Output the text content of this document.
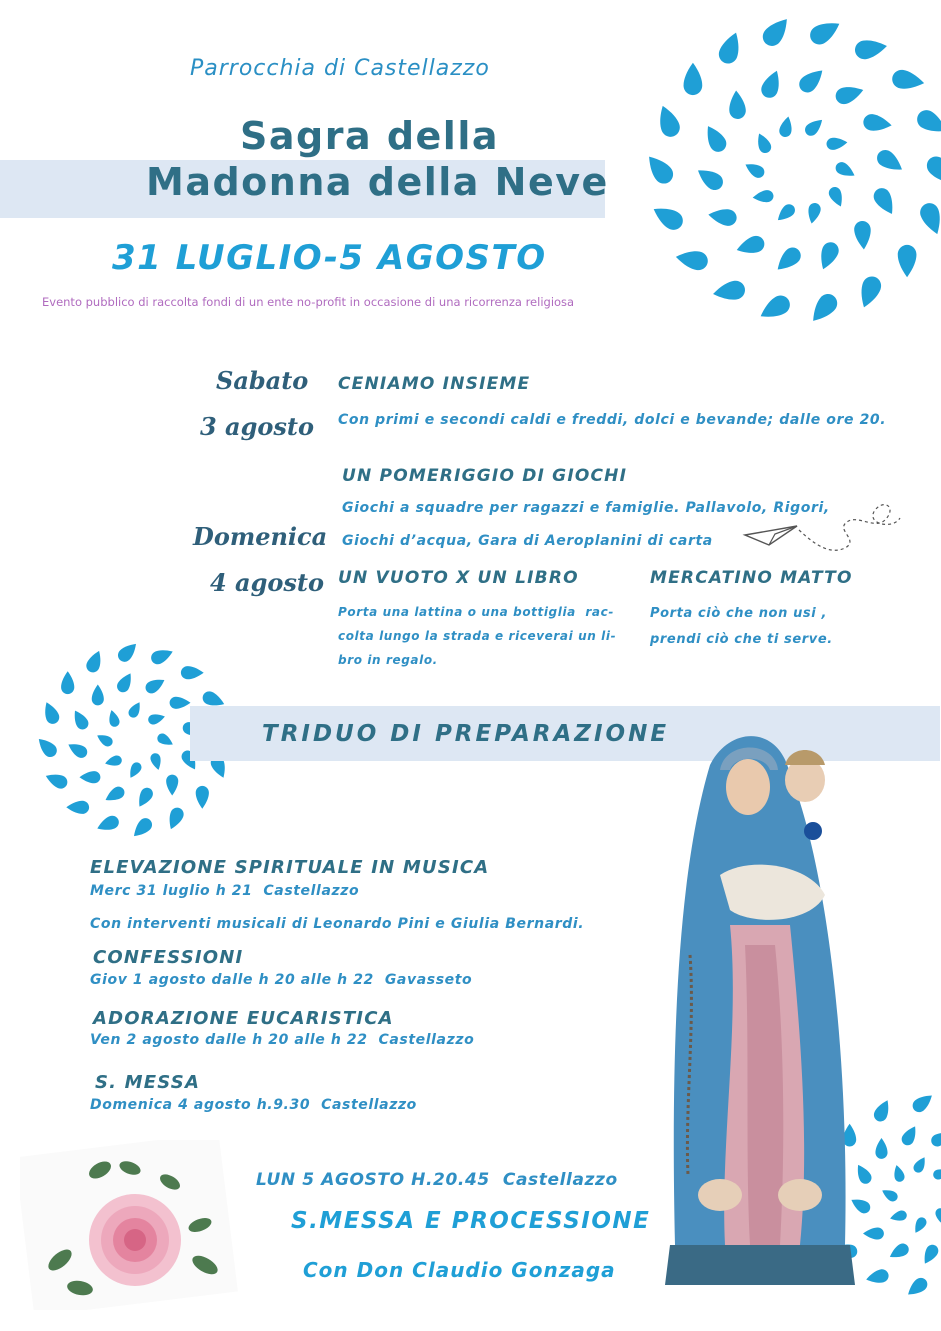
Parrocchia di Castellazzo
Sagra della
Madonna della Neve
31 LUGLIO-5 AGOSTO
Evento pubblico di raccolta fondi di un ente no-profit in occasione di una ricorrenza religiosa
Sabato
3 agosto
CENIAMO INSIEME
Con primi e secondi caldi e freddi, dolci e bevande; dalle ore 20.
UN POMERIGGIO DI GIOCHI
Giochi a squadre per ragazzi e famiglie. Pallavolo, Rigori,
Giochi d’acqua, Gara di Aeroplanini di carta
Domenica
4 agosto UN VUOTO X UN LIBRO
Porta una lattina o una bottiglia  rac-
colta lungo la strada e riceverai un li-
bro in regalo.
MERCATINO MATTO
Porta ciò che non usi ,
prendi ciò che ti serve.
TRIDUO DI PREPARAZIONE
ELEVAZIONE SPIRITUALE IN MUSICA
Merc 31 luglio h 21  Castellazzo
Con interventi musicali di Leonardo Pini e Giulia Bernardi.
CONFESSIONI
Giov 1 agosto dalle h 20 alle h 22  Gavasseto
ADORAZIONE EUCARISTICA
Ven 2 agosto dalle h 20 alle h 22  Castellazzo
S. MESSA
Domenica 4 agosto h.9.30  Castellazzo
LUN 5 AGOSTO H.20.45  Castellazzo
S.MESSA E PROCESSIONE
Con Don Claudio Gonzaga
